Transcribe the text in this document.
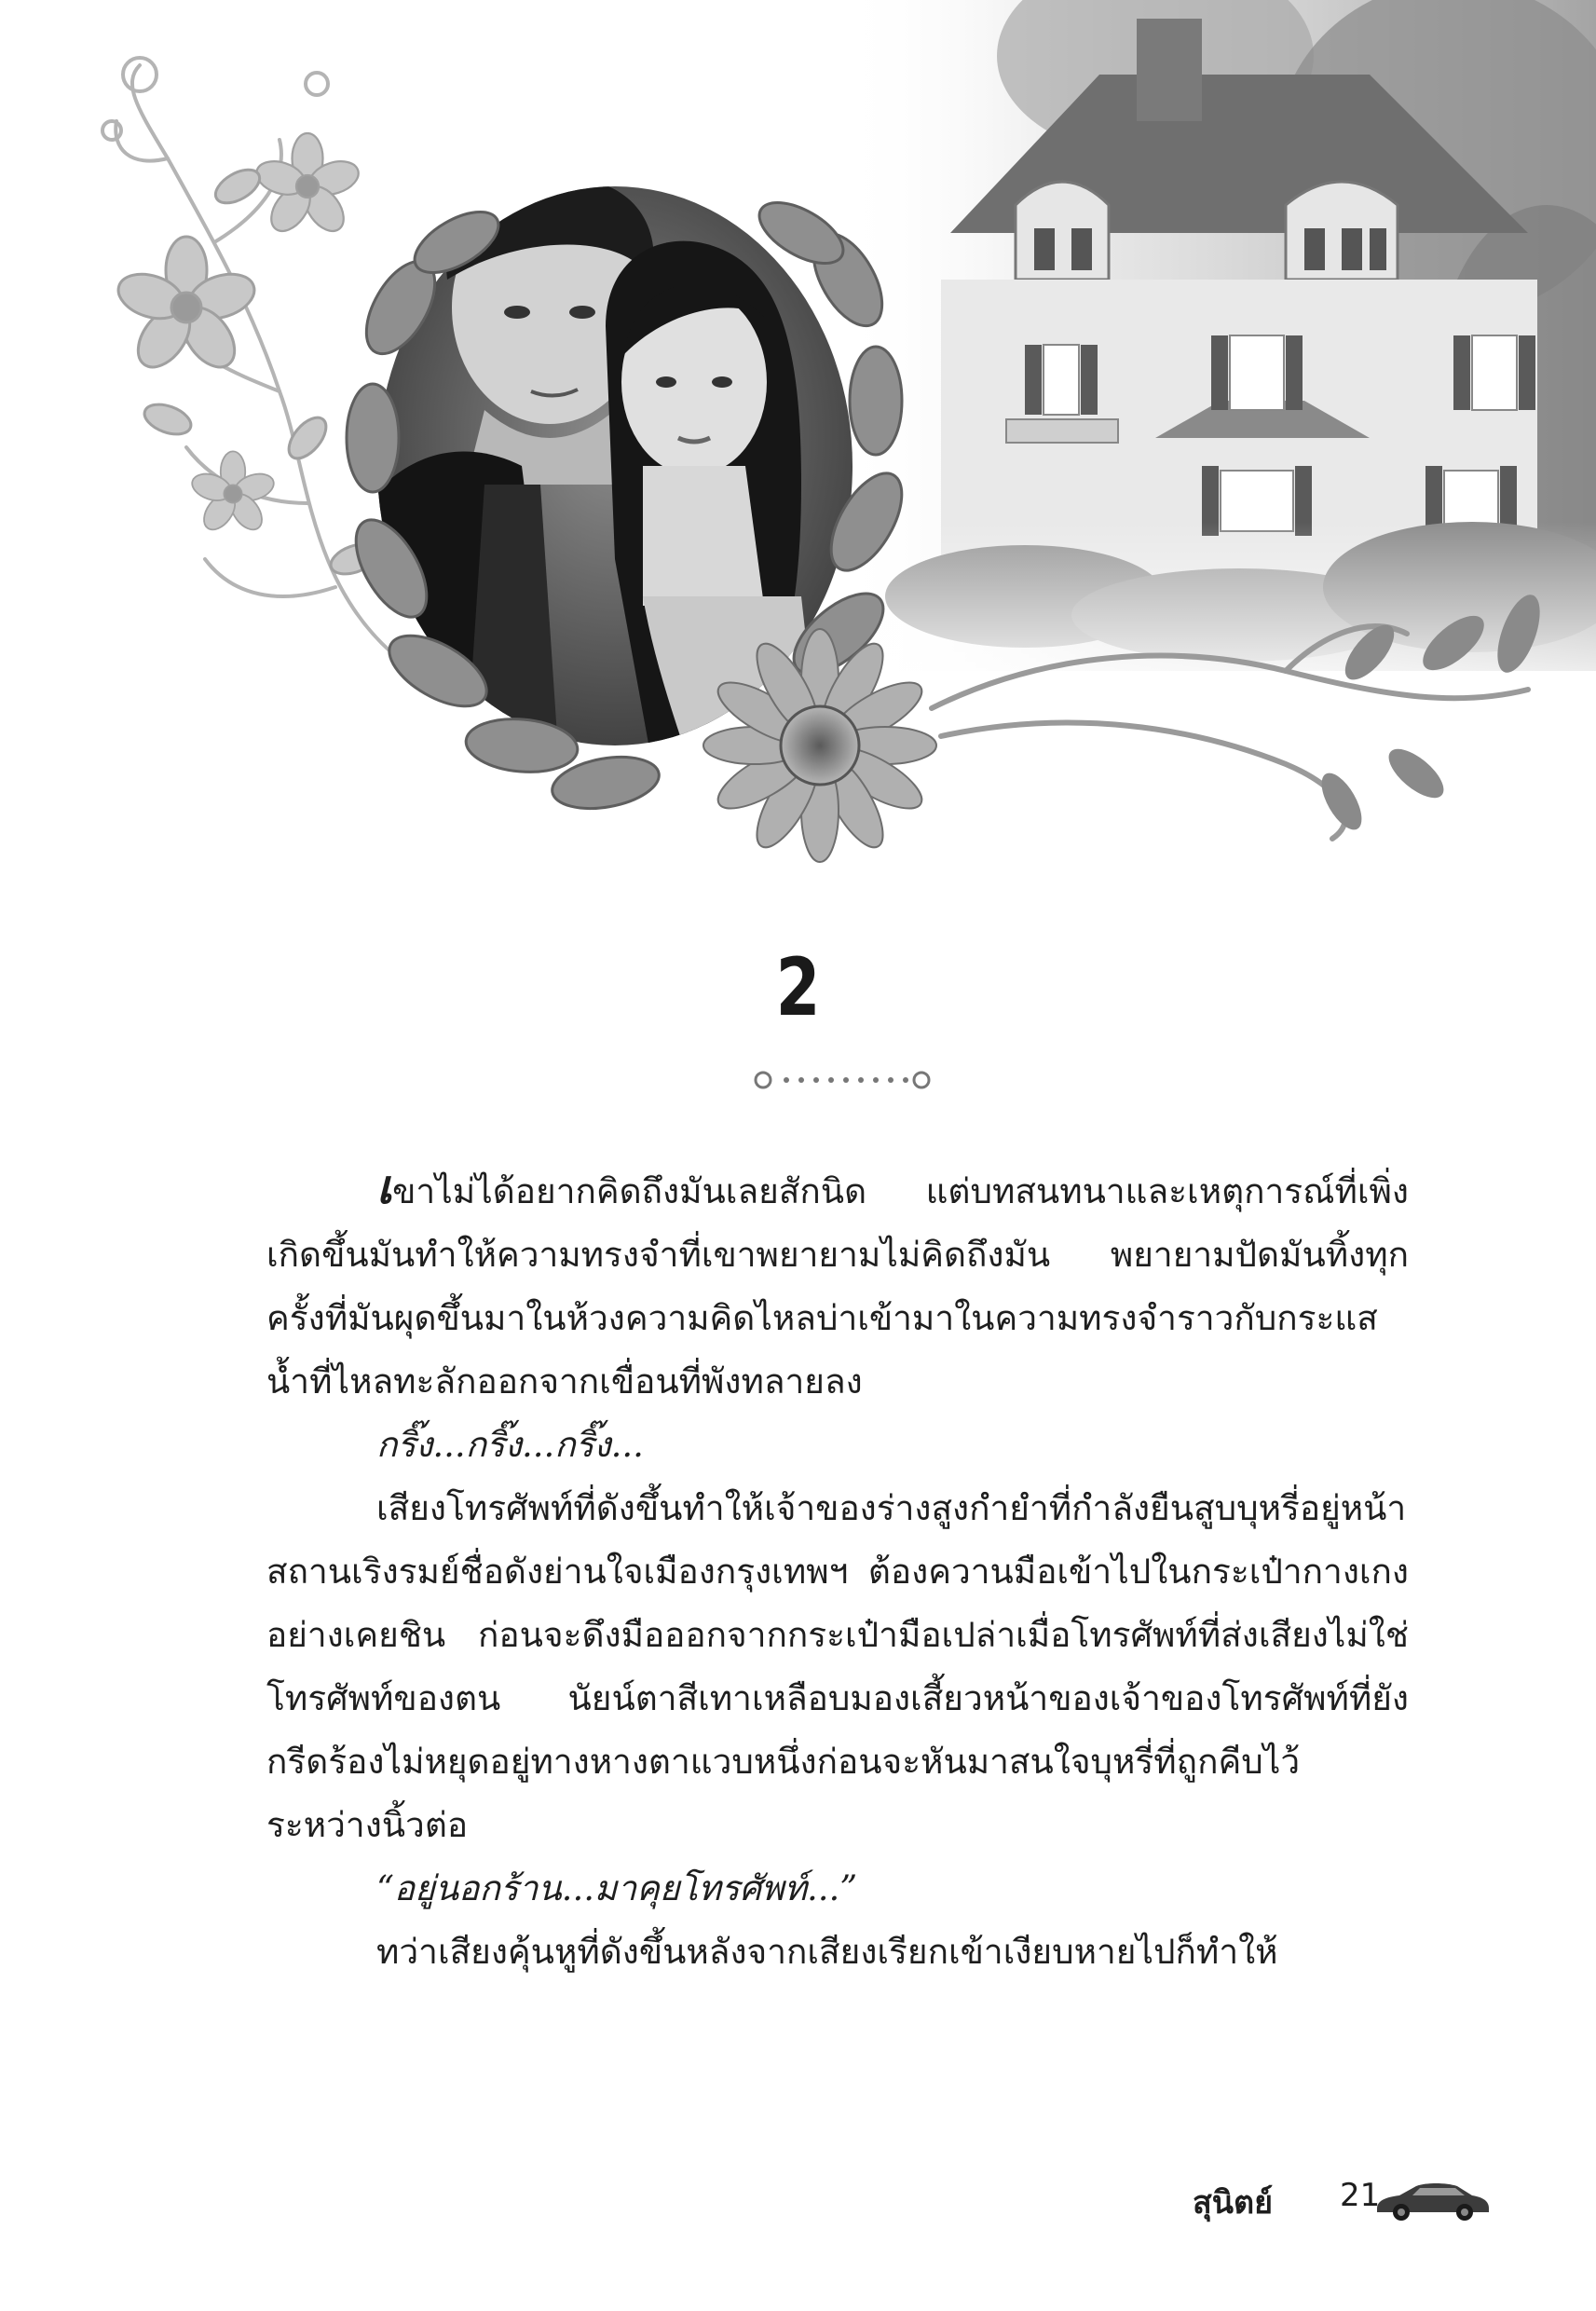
2

เขาไม่ได้อยากคิดถึงมันเลยสักนิด แต่บทสนทนาและเหตุการณ์ที่เพิ่งเกิดขึ้นมันทำให้ความทรงจำที่เขาพยายามไม่คิดถึงมัน พยายามปัดมันทิ้งทุกครั้งที่มันผุดขึ้นมาในห้วงความคิดไหลบ่าเข้ามาในความทรงจำราวกับกระแสน้ำที่ไหลทะลักออกจากเขื่อนที่พังทลายลง

กริ๊ง...กริ๊ง...กริ๊ง...

เสียงโทรศัพท์ที่ดังขึ้นทำให้เจ้าของร่างสูงกำยำที่กำลังยืนสูบบุหรี่อยู่หน้าสถานเริงรมย์ชื่อดังย่านใจเมืองกรุงเทพฯ ต้องควานมือเข้าไปในกระเป๋ากางเกงอย่างเคยชิน ก่อนจะดึงมือออกจากกระเป๋ามือเปล่าเมื่อโทรศัพท์ที่ส่งเสียงไม่ใช่โทรศัพท์ของตน นัยน์ตาสีเทาเหลือบมองเสี้ยวหน้าของเจ้าของโทรศัพท์ที่ยังกรีดร้องไม่หยุดอยู่ทางหางตาแวบหนึ่งก่อนจะหันมาสนใจบุหรี่ที่ถูกคีบไว้ระหว่างนิ้วต่อ

“อยู่นอกร้าน...มาคุยโทรศัพท์...”

ทว่าเสียงคุ้นหูที่ดังขึ้นหลังจากเสียงเรียกเข้าเงียบหายไปก็ทำให้

สุนิตย์ 21
